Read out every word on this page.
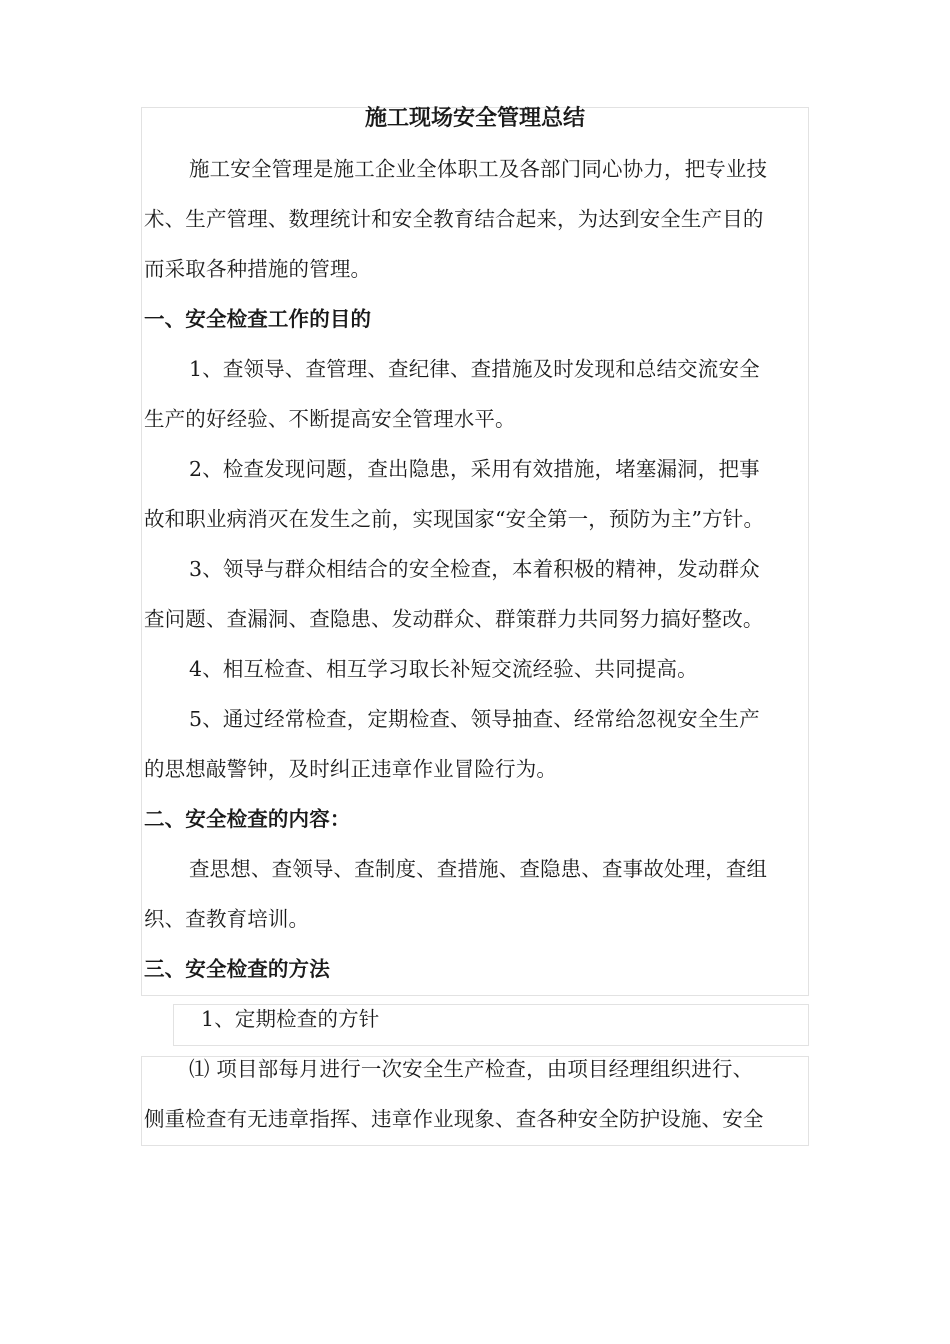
施工现场安全管理总结
施工安全管理是施工企业全体职工及各部门同心协力，把专业技
术、生产管理、数理统计和安全教育结合起来，为达到安全生产目的
而采取各种措施的管理。
一、安全检查工作的目的
1、查领导、查管理、查纪律、查措施及时发现和总结交流安全
生产的好经验、不断提高安全管理水平。
2、检查发现问题，查出隐患，采用有效措施，堵塞漏洞，把事
故和职业病消灭在发生之前，实现国家“安全第一，预防为主”方针。
3、领导与群众相结合的安全检查，本着积极的精神，发动群众
查问题、查漏洞、查隐患、发动群众、群策群力共同努力搞好整改。
4、相互检查、相互学习取长补短交流经验、共同提高。
5、通过经常检查，定期检查、领导抽查、经常给忽视安全生产
的思想敲警钟，及时纠正违章作业冒险行为。
二、安全检查的内容：
查思想、查领导、查制度、查措施、查隐患、查事故处理，查组
织、查教育培训。
三、安全检查的方法
1、定期检查的方针
⑴ 项目部每月进行一次安全生产检查，由项目经理组织进行、
侧重检查有无违章指挥、违章作业现象、查各种安全防护设施、安全
